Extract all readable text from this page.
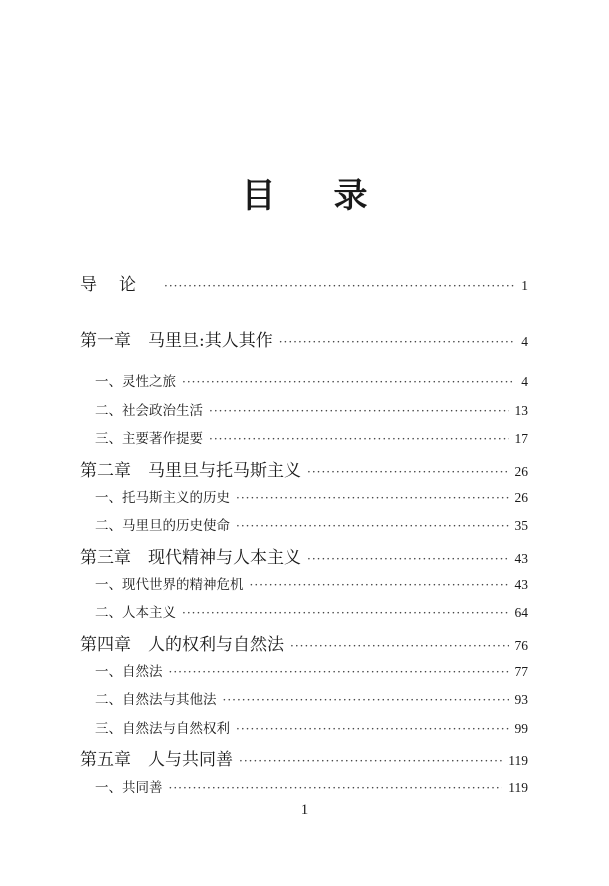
目录
导论 ·····	1
第一章　马里旦:其人其作 ·····	4
一、灵性之旅 ·····	4
二、社会政治生活 ·····	13
三、主要著作提要 ·····	17
第二章　马里旦与托马斯主义 ·····	26
一、托马斯主义的历史 ·····	26
二、马里旦的历史使命 ·····	35
第三章　现代精神与人本主义 ·····	43
一、现代世界的精神危机 ·····	43
二、人本主义 ·····	64
第四章　人的权利与自然法 ·····	76
一、自然法 ·····	77
二、自然法与其他法 ·····	93
三、自然法与自然权利 ·····	99
第五章　人与共同善 ·····	119
一、共同善 ·····	119
1
